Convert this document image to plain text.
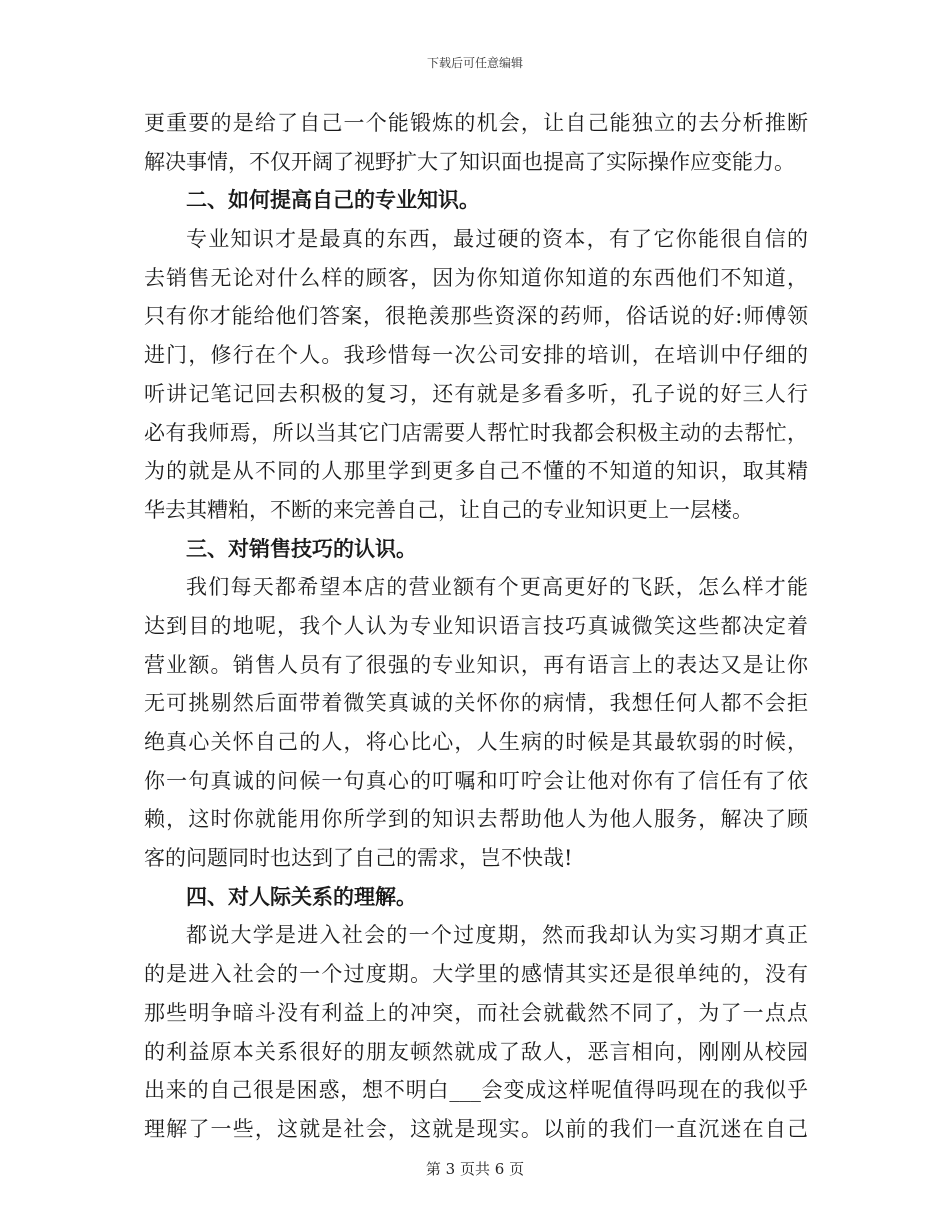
下载后可任意编辑
更重要的是给了自己一个能锻炼的机会，让自己能独立的去分析推断
解决事情，不仅开阔了视野扩大了知识面也提高了实际操作应变能力。
二、如何提高自己的专业知识。
专业知识才是最真的东西，最过硬的资本，有了它你能很自信的
去销售无论对什么样的顾客，因为你知道你知道的东西他们不知道，
只有你才能给他们答案，很艳羡那些资深的药师，俗话说的好:师傅领
进门，修行在个人。我珍惜每一次公司安排的培训，在培训中仔细的
听讲记笔记回去积极的复习，还有就是多看多听，孔子说的好三人行
必有我师焉，所以当其它门店需要人帮忙时我都会积极主动的去帮忙，
为的就是从不同的人那里学到更多自己不懂的不知道的知识，取其精
华去其糟粕，不断的来完善自己，让自己的专业知识更上一层楼。
三、对销售技巧的认识。
我们每天都希望本店的营业额有个更高更好的飞跃，怎么样才能
达到目的地呢，我个人认为专业知识语言技巧真诚微笑这些都决定着
营业额。销售人员有了很强的专业知识，再有语言上的表达又是让你
无可挑剔然后面带着微笑真诚的关怀你的病情，我想任何人都不会拒
绝真心关怀自己的人，将心比心，人生病的时候是其最软弱的时候，
你一句真诚的问候一句真心的叮嘱和叮咛会让他对你有了信任有了依
赖，这时你就能用你所学到的知识去帮助他人为他人服务，解决了顾
客的问题同时也达到了自己的需求，岂不快哉!
四、对人际关系的理解。
都说大学是进入社会的一个过度期，然而我却认为实习期才真正
的是进入社会的一个过度期。大学里的感情其实还是很单纯的，没有
那些明争暗斗没有利益上的冲突，而社会就截然不同了，为了一点点
的利益原本关系很好的朋友顿然就成了敌人，恶言相向，刚刚从校园
出来的自己很是困惑，想不明白___会变成这样呢值得吗现在的我似乎
理解了一些，这就是社会，这就是现实。以前的我们一直沉迷在自己
第 3 页共 6 页
